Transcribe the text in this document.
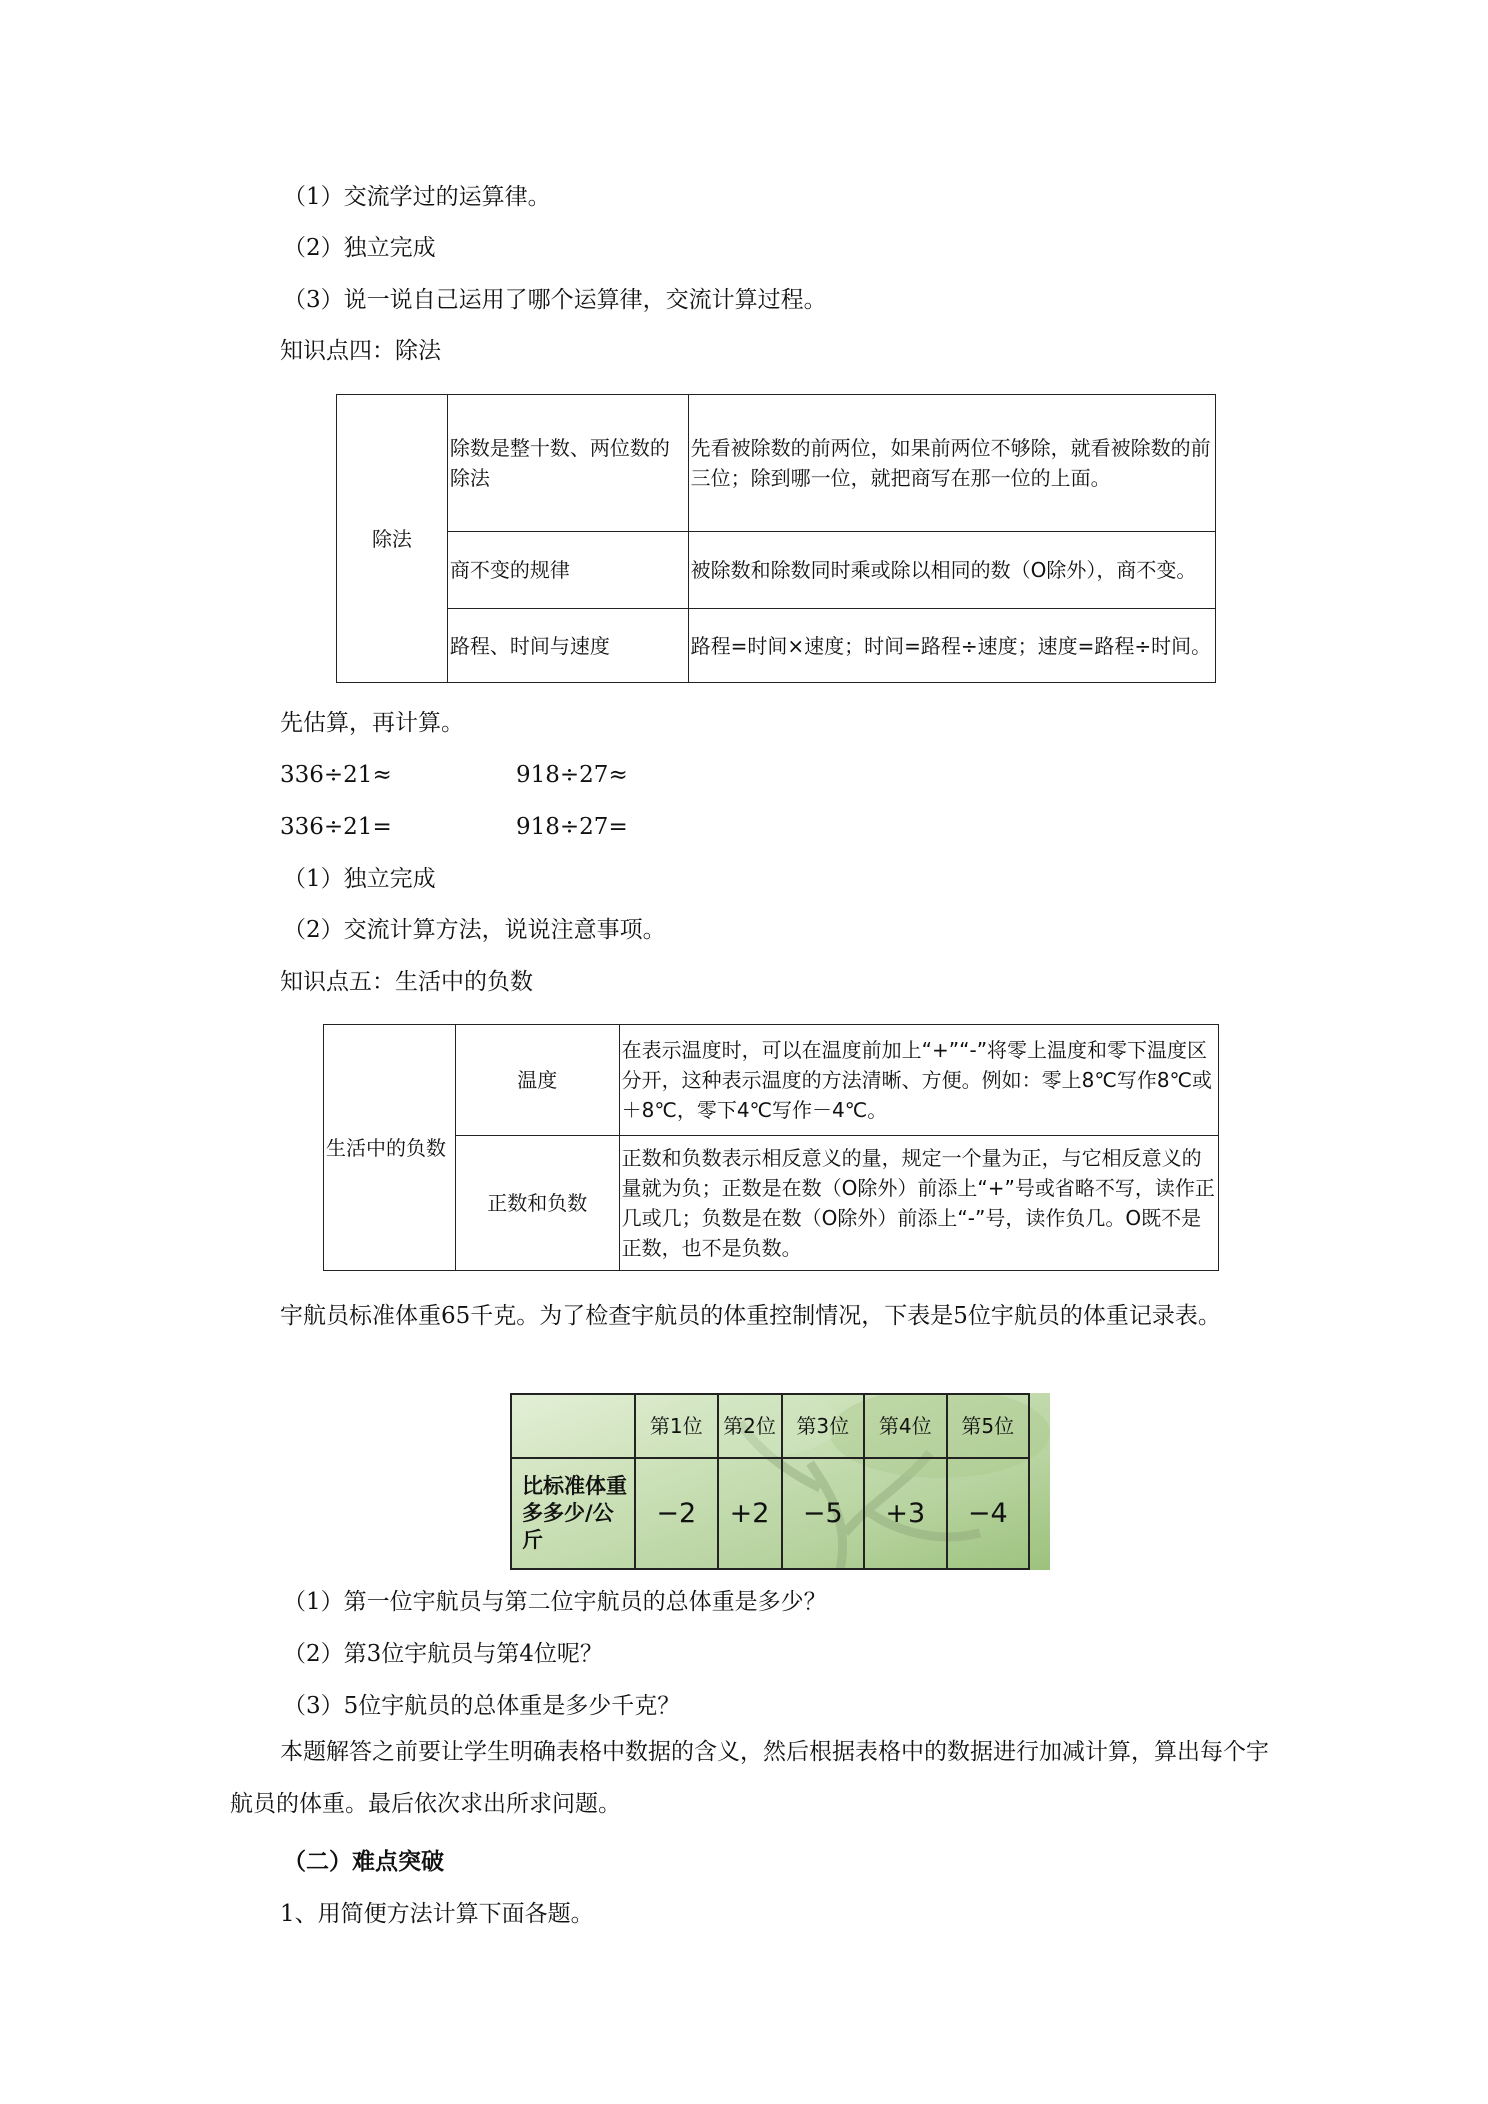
（1）交流学过的运算律。
（2）独立完成
（3）说一说自己运用了哪个运算律，交流计算过程。
知识点四：除法
除法	除数是整十数、两位数的除法	先看被除数的前两位，如果前两位不够除，就看被除数的前三位；除到哪一位，就把商写在那一位的上面。
	商不变的规律	被除数和除数同时乘或除以相同的数（O除外），商不变。
	路程、时间与速度	路程=时间×速度；时间=路程÷速度；速度=路程÷时间。
先估算，再计算。
336÷21≈	918÷27≈
336÷21=	918÷27=
（1）独立完成
（2）交流计算方法，说说注意事项。
知识点五：生活中的负数
生活中的负数	温度	在表示温度时，可以在温度前加上“+”“-”将零上温度和零下温度区分开，这种表示温度的方法清晰、方便。例如：零上8℃写作8℃或＋8℃，零下4℃写作－4℃。
	正数和负数	正数和负数表示相反意义的量，规定一个量为正，与它相反意义的量就为负；正数是在数（O除外）前添上“+”号或省略不写，读作正几或几；负数是在数（O除外）前添上“-”号，读作负几。O既不是正数，也不是负数。
宇航员标准体重65千克。为了检查宇航员的体重控制情况，下表是5位宇航员的体重记录表。
	第1位	第2位	第3位	第4位	第5位
比标准体重多多少/公斤	−2	+2	−5	+3	−4
（1）第一位宇航员与第二位宇航员的总体重是多少？
（2）第3位宇航员与第4位呢？
（3）5位宇航员的总体重是多少千克？
本题解答之前要让学生明确表格中数据的含义，然后根据表格中的数据进行加减计算，算出每个宇航员的体重。最后依次求出所求问题。
（二）难点突破
1、用简便方法计算下面各题。
